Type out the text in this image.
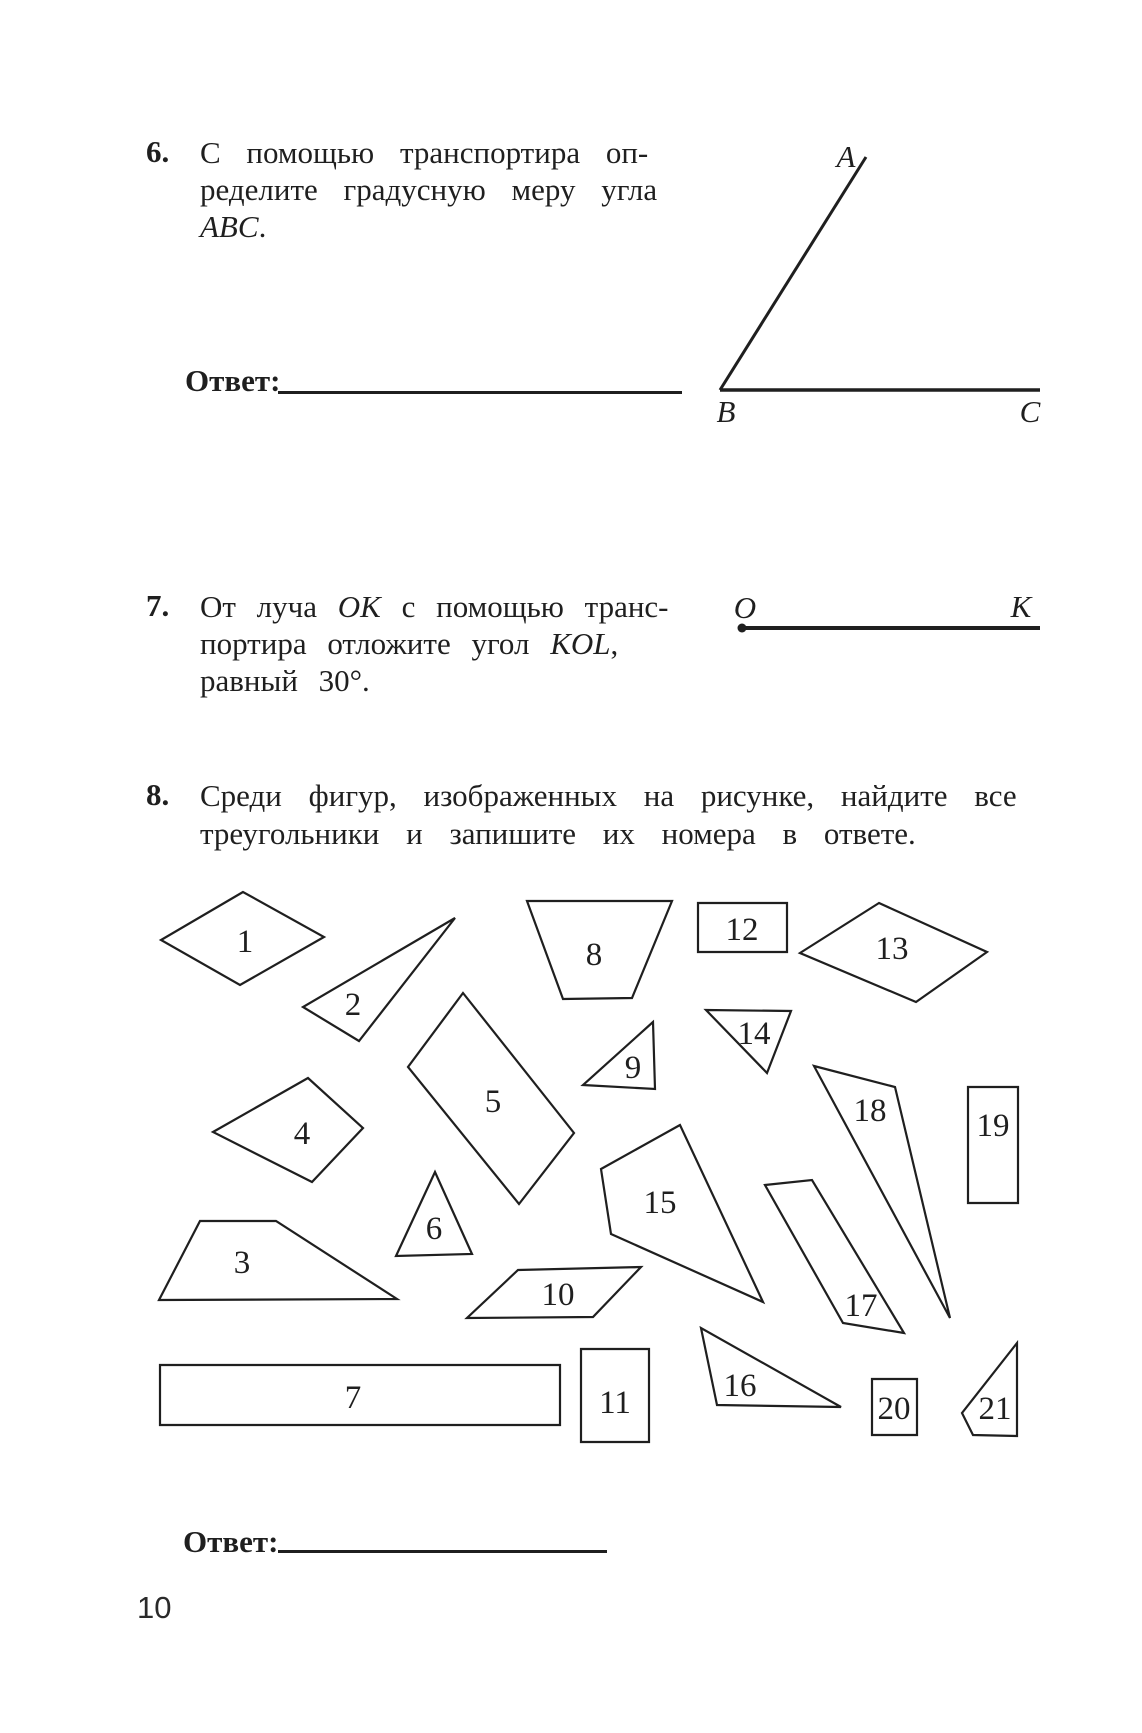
A
B	C
O	K
1
2
3
4
5
6
7
8
9
10
11
12
13
14
15
16
17
18	19
20 21
6. С помощью транспортира оп-
ределите градусную меру угла
ABC.
Ответ:
7. От луча OK с помощью транс-
портира отложите угол KOL,
равный 30°.
8. Среди фигур, изображенных на рисунке, найдите все
треугольники и запишите их номера в ответе.
Ответ:
10
